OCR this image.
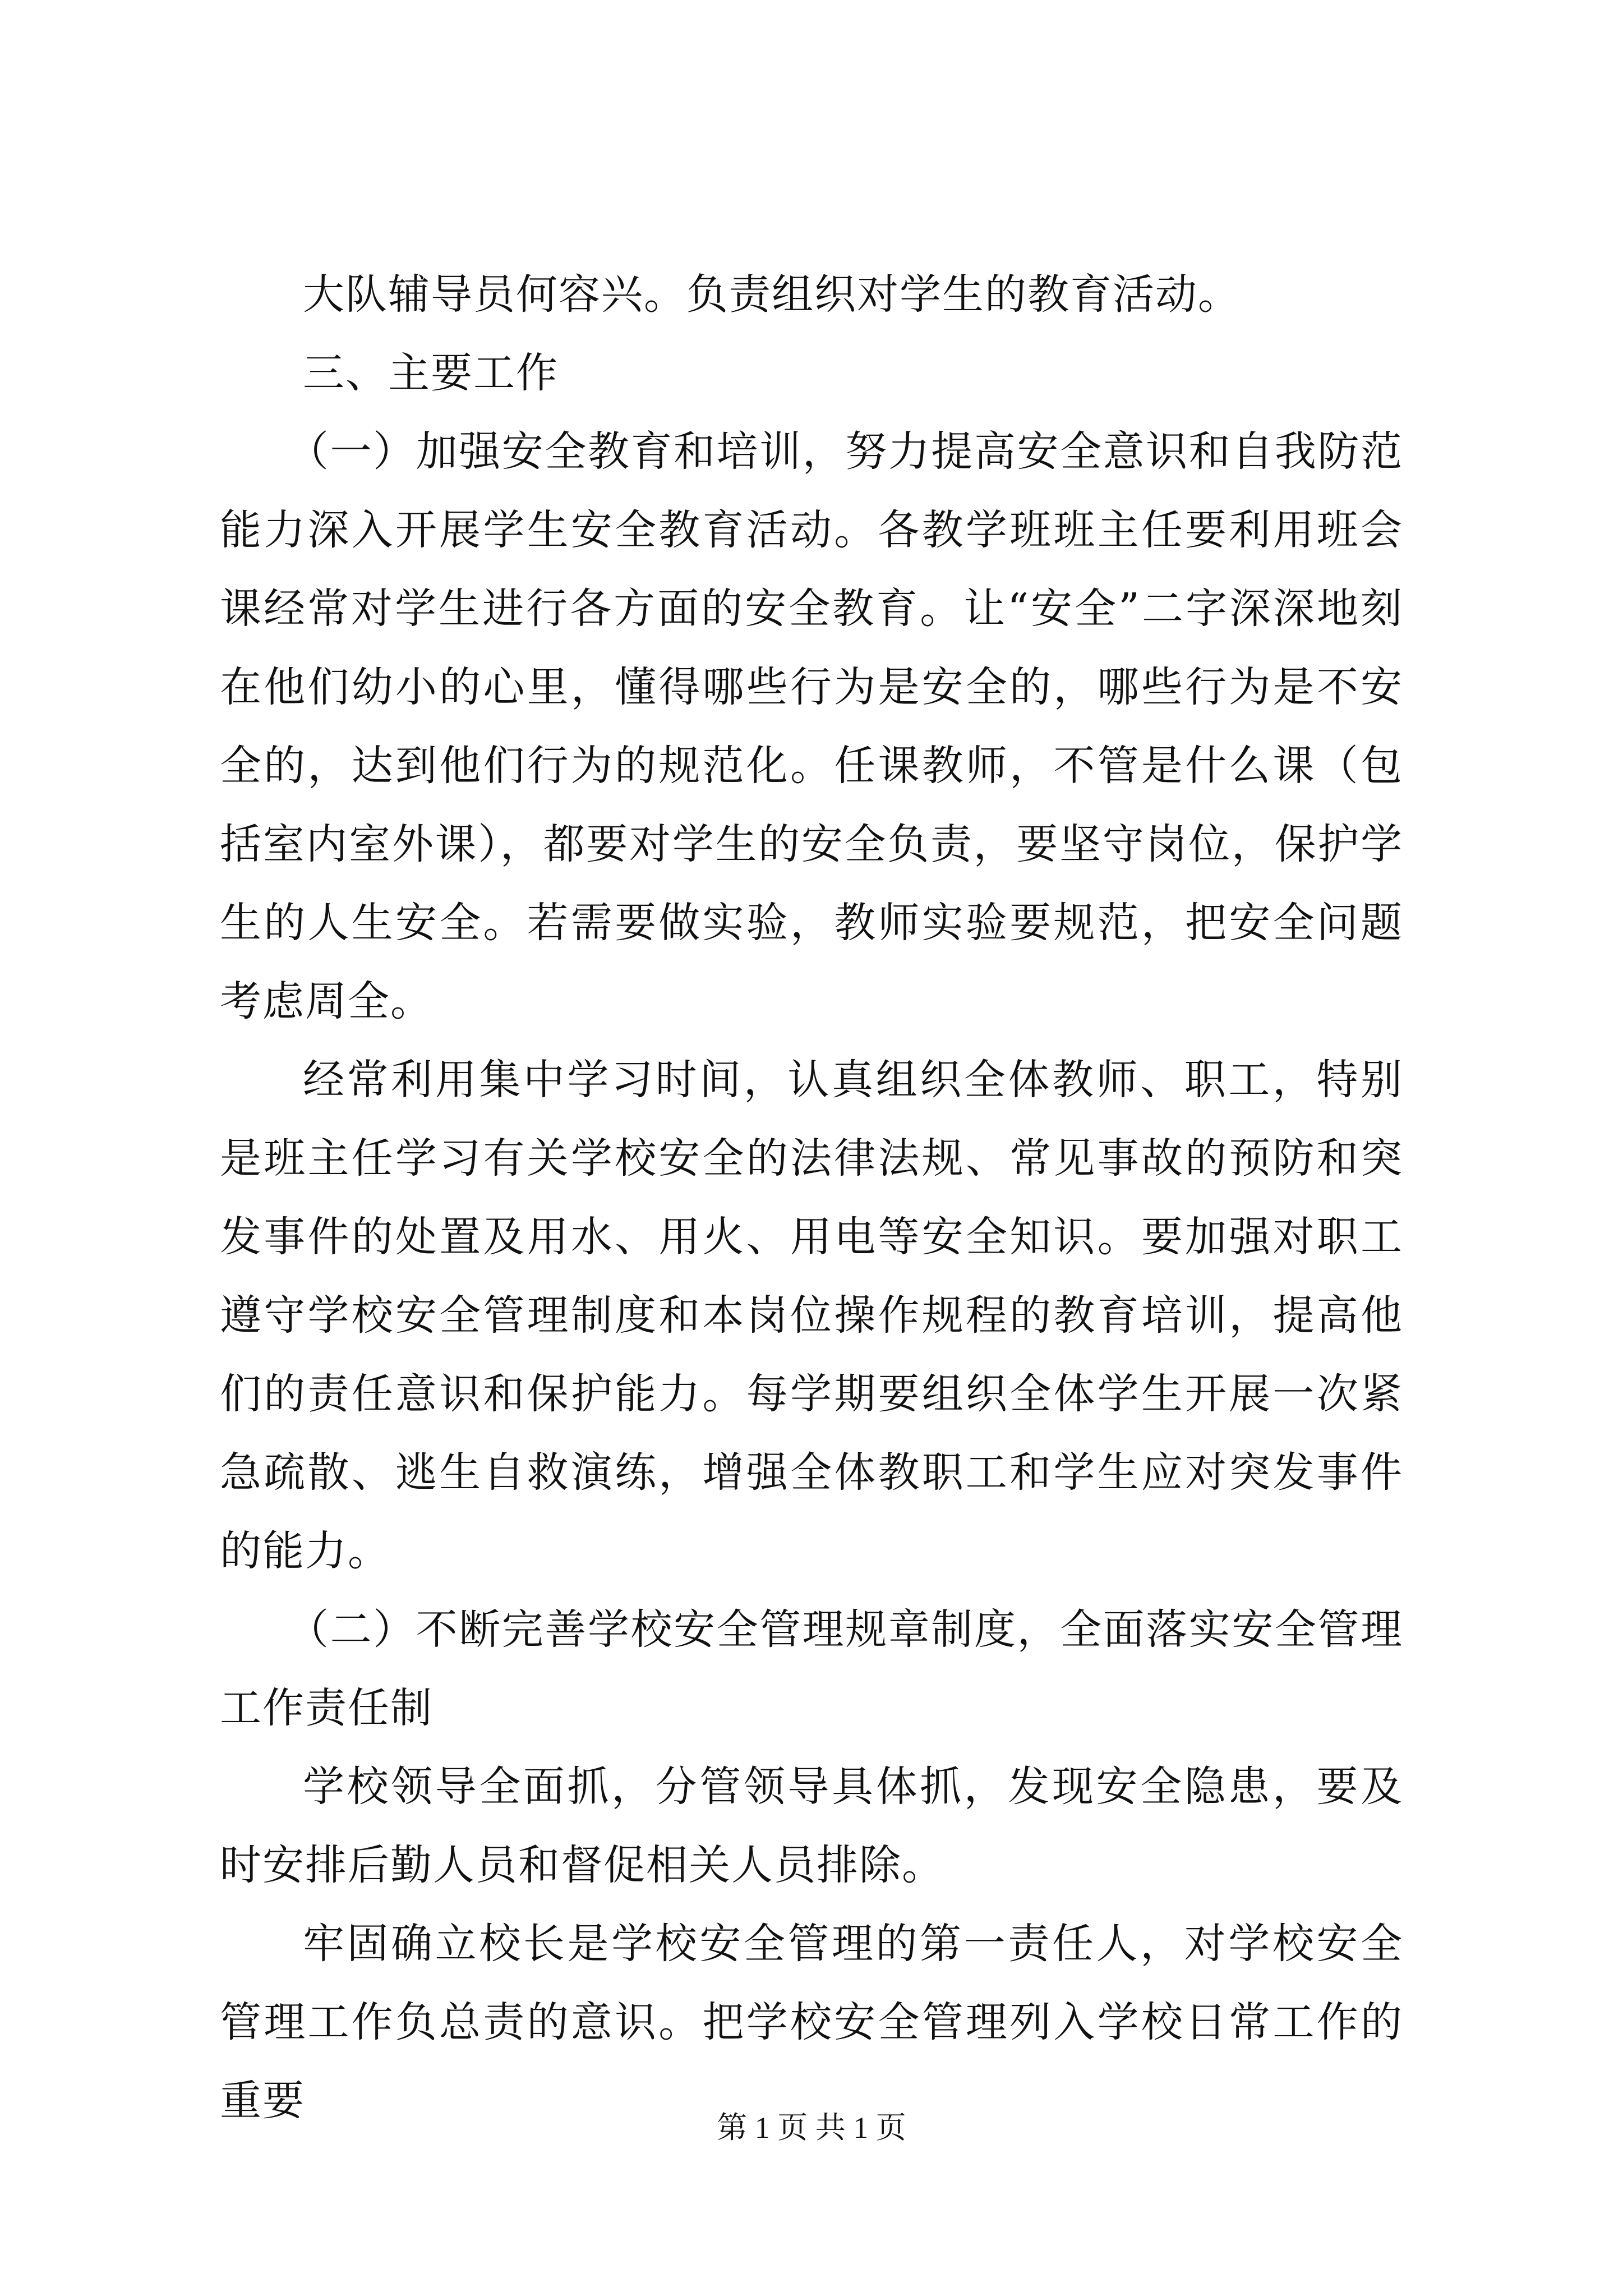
大队辅导员何容兴。负责组织对学生的教育活动。

三、主要工作

（一）加强安全教育和培训，努力提高安全意识和自我防范能力深入开展学生安全教育活动。各教学班班主任要利用班会课经常对学生进行各方面的安全教育。让“安全”二字深深地刻在他们幼小的心里，懂得哪些行为是安全的，哪些行为是不安全的，达到他们行为的规范化。任课教师，不管是什么课（包括室内室外课），都要对学生的安全负责，要坚守岗位，保护学生的人生安全。若需要做实验，教师实验要规范，把安全问题考虑周全。

经常利用集中学习时间，认真组织全体教师、职工，特别是班主任学习有关学校安全的法律法规、常见事故的预防和突发事件的处置及用水、用火、用电等安全知识。要加强对职工遵守学校安全管理制度和本岗位操作规程的教育培训，提高他们的责任意识和保护能力。每学期要组织全体学生开展一次紧急疏散、逃生自救演练，增强全体教职工和学生应对突发事件的能力。

（二）不断完善学校安全管理规章制度，全面落实安全管理工作责任制

学校领导全面抓，分管领导具体抓，发现安全隐患，要及时安排后勤人员和督促相关人员排除。

牢固确立校长是学校安全管理的第一责任人，对学校安全管理工作负总责的意识。把学校安全管理列入学校日常工作的重要

第 1 页 共 1 页
